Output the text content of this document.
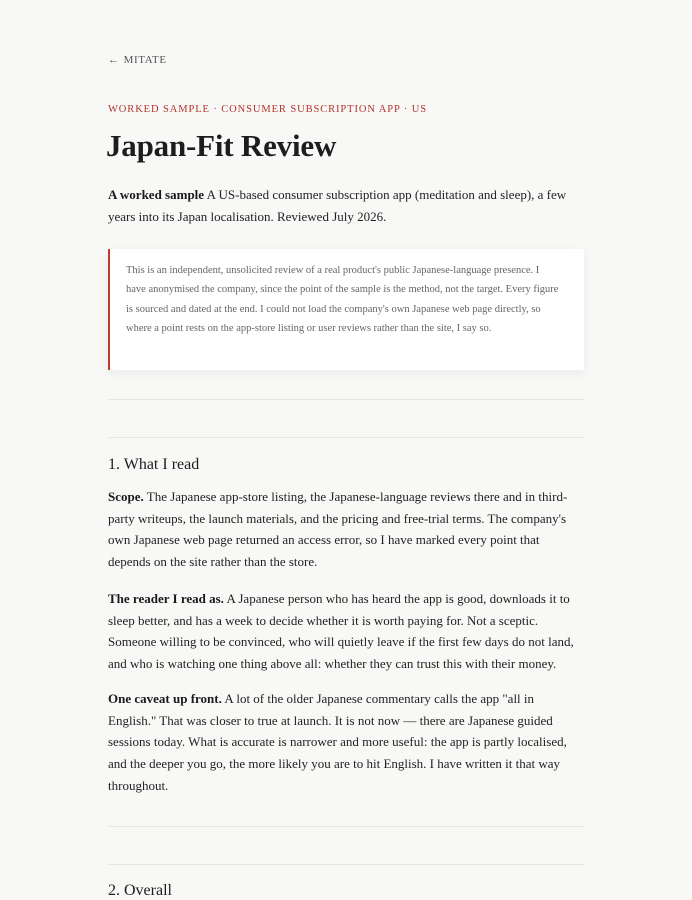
← MITATE
WORKED SAMPLE · CONSUMER SUBSCRIPTION APP · US
Japan-Fit Review

A worked sample A US-based consumer subscription app (meditation and sleep), a few years into its Japan localisation. Reviewed July 2026.

This is an independent, unsolicited review of a real product's public Japanese-language presence. I have anonymised the company, since the point of the sample is the method, not the target. Every figure is sourced and dated at the end. I could not load the company's own Japanese web page directly, so where a point rests on the app-store listing or user reviews rather than the site, I say so.

1. What I read

Scope. The Japanese app-store listing, the Japanese-language reviews there and in third-party writeups, the launch materials, and the pricing and free-trial terms. The company's own Japanese web page returned an access error, so I have marked every point that depends on the site rather than the store.

The reader I read as. A Japanese person who has heard the app is good, downloads it to sleep better, and has a week to decide whether it is worth paying for. Not a sceptic. Someone willing to be convinced, who will quietly leave if the first few days do not land, and who is watching one thing above all: whether they can trust this with their money.

One caveat up front. A lot of the older Japanese commentary calls the app "all in English." That was closer to true at launch. It is not now — there are Japanese guided sessions today. What is accurate is narrower and more useful: the app is partly localised, and the deeper you go, the more likely you are to hit English. I have written it that way throughout.

2. Overall
